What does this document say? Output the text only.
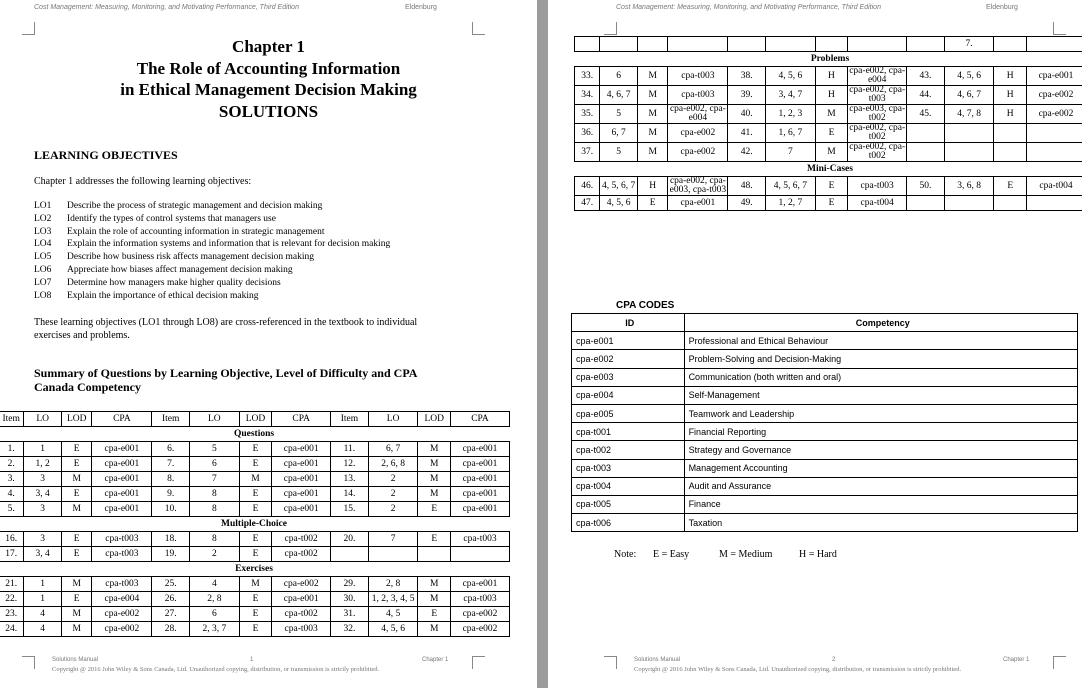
Cost Management: Measuring, Monitoring, and Motivating Performance, Third Edition	Eldenburg
Chapter 1
The Role of Accounting Information
in Ethical Management Decision Making
SOLUTIONS
LEARNING OBJECTIVES
Chapter 1 addresses the following learning objectives:
LO1 Describe the process of strategic management and decision making
LO2 Identify the types of control systems that managers use
LO3 Explain the role of accounting information in strategic management
LO4 Explain the information systems and information that is relevant for decision making
LO5 Describe how business risk affects management decision making
LO6 Appreciate how biases affect management decision making
LO7 Determine how managers make higher quality decisions
LO8 Explain the importance of ethical decision making
These learning objectives (LO1 through LO8) are cross-referenced in the textbook to individual
exercises and problems.
Summary of Questions by Learning Objective, Level of Difficulty and CPA
Canada Competency
Item	LO	LOD	CPA	Item	LO	LOD	CPA	Item	LO	LOD	CPA
Questions											
1.	1	E	cpa-e001	6.	5	E	cpa-e001	11.	6, 7	M	cpa-e001
2.	1, 2	E	cpa-e001	7.	6	E	cpa-e001	12.	2, 6, 8	M	cpa-e001
3.	3	M	cpa-e001	8.	7	M	cpa-e001	13.	2	M	cpa-e001
4.	3, 4	E	cpa-e001	9.	8	E	cpa-e001	14.	2	M	cpa-e001
5.	3	M	cpa-e001	10.	8	E	cpa-e001	15.	2	E	cpa-e001
Multiple-Choice											
16.	3	E	cpa-t003	18.	8	E	cpa-t002	20.	7	E	cpa-t003
17.	3, 4	E	cpa-t003	19.	2	E	cpa-t002				
Exercises											
21.	1	M	cpa-t003	25.	4	M	cpa-e002	29.	2, 8	M	cpa-e001
22.	1	E	cpa-e004	26.	2, 8	E	cpa-e001	30.	1, 2, 3, 4, 5	M	cpa-t003
23.	4	M	cpa-e002	27.	6	E	cpa-t002	31.	4, 5	E	cpa-e002
24.	4	M	cpa-e002	28.	2, 3, 7	E	cpa-t003	32.	4, 5, 6	M	cpa-e002
Solutions Manual	1	Chapter 1
Copyright @ 2016 John Wiley & Sons Canada, Ltd. Unauthorized copying, distribution, or transmission is strictly prohibited.
Cost Management: Measuring, Monitoring, and Motivating Performance, Third Edition	Eldenburg
									7.		
Problems											
33.	6	M	cpa-t003	38.	4, 5, 6	H	cpa-e002, cpa-e004	43.	4, 5, 6	H	cpa-e001
34.	4, 6, 7	M	cpa-t003	39.	3, 4, 7	H	cpa-e002, cpa-t003	44.	4, 6, 7	H	cpa-e002
35.	5	M	cpa-e002, cpa-e004	40.	1, 2, 3	M	cpa-e003, cpa-t002	45.	4, 7, 8	H	cpa-e002
36.	6, 7	M	cpa-e002	41.	1, 6, 7	E	cpa-e002, cpa-t002				
37.	5	M	cpa-e002	42.	7	M	cpa-e002, cpa-t002				
Mini-Cases											
46.	4, 5, 6, 7	H	cpa-e002, cpa-e003, cpa-t003	48.	4, 5, 6, 7	E	cpa-t003	50.	3, 6, 8	E	cpa-t004
47.	4, 5, 6	E	cpa-e001	49.	1, 2, 7	E	cpa-t004				
CPA CODES
ID	Competency
cpa-e001	Professional and Ethical Behaviour
cpa-e002	Problem-Solving and Decision-Making
cpa-e003	Communication (both written and oral)
cpa-e004	Self-Management
cpa-e005	Teamwork and Leadership
cpa-t001	Financial Reporting
cpa-t002	Strategy and Governance
cpa-t003	Management Accounting
cpa-t004	Audit and Assurance
cpa-t005	Finance
cpa-t006	Taxation
Note: E = Easy	M = Medium	H = Hard
Solutions Manual	2	Chapter 1
Copyright @ 2016 John Wiley & Sons Canada, Ltd. Unauthorized copying, distribution, or transmission is strictly prohibited.
